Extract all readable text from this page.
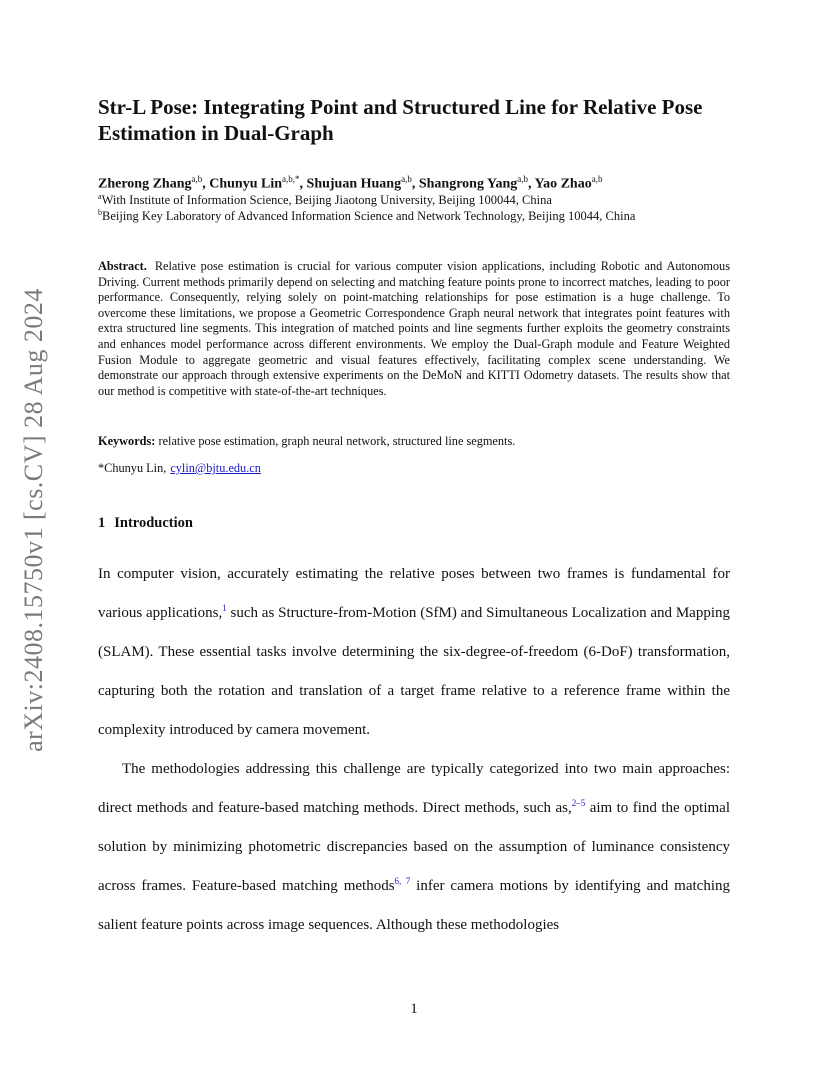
arXiv:2408.15750v1 [cs.CV] 28 Aug 2024
Str-L Pose: Integrating Point and Structured Line for Relative Pose Estimation in Dual-Graph
Zherong Zhang$^{a,b}$, Chunyu Lin$^{a,b,*}$, Shujuan Huang$^{a,b}$, Shangrong Yang$^{a,b}$, Yao Zhao$^{a,b}$
$^a$With Institute of Information Science, Beijing Jiaotong University, Beijing 100044, China
$^b$Beijing Key Laboratory of Advanced Information Science and Network Technology, Beijing 10044, China

Abstract. Relative pose estimation is crucial for various computer vision applications, including Robotic and Autonomous Driving. Current methods primarily depend on selecting and matching feature points prone to incorrect matches, leading to poor performance. Consequently, relying solely on point-matching relationships for pose estimation is a huge challenge. To overcome these limitations, we propose a Geometric Correspondence Graph neural network that integrates point features with extra structured line segments. This integration of matched points and line segments further exploits the geometry constraints and enhances model performance across different environments. We employ the Dual-Graph module and Feature Weighted Fusion Module to aggregate geometric and visual features effectively, facilitating complex scene understanding. We demonstrate our approach through extensive experiments on the DeMoN and KITTI Odometry datasets. The results show that our method is competitive with state-of-the-art techniques.

Keywords: relative pose estimation, graph neural network, structured line segments.

*Chunyu Lin, cylin@bjtu.edu.cn
1 Introduction

In computer vision, accurately estimating the relative poses between two frames is fundamental for various applications,$^1$ such as Structure-from-Motion (SfM) and Simultaneous Localization and Mapping (SLAM). These essential tasks involve determining the six-degree-of-freedom (6-DoF) transformation, capturing both the rotation and translation of a target frame relative to a reference frame within the complexity introduced by camera movement.

The methodologies addressing this challenge are typically categorized into two main approaches: direct methods and feature-based matching methods. Direct methods, such as,$^{2-5}$ aim to find the optimal solution by minimizing photometric discrepancies based on the assumption of luminance consistency across frames. Feature-based matching methods$^{6, 7}$ infer camera motions by identifying and matching salient feature points across image sequences. Although these methodologies

1
